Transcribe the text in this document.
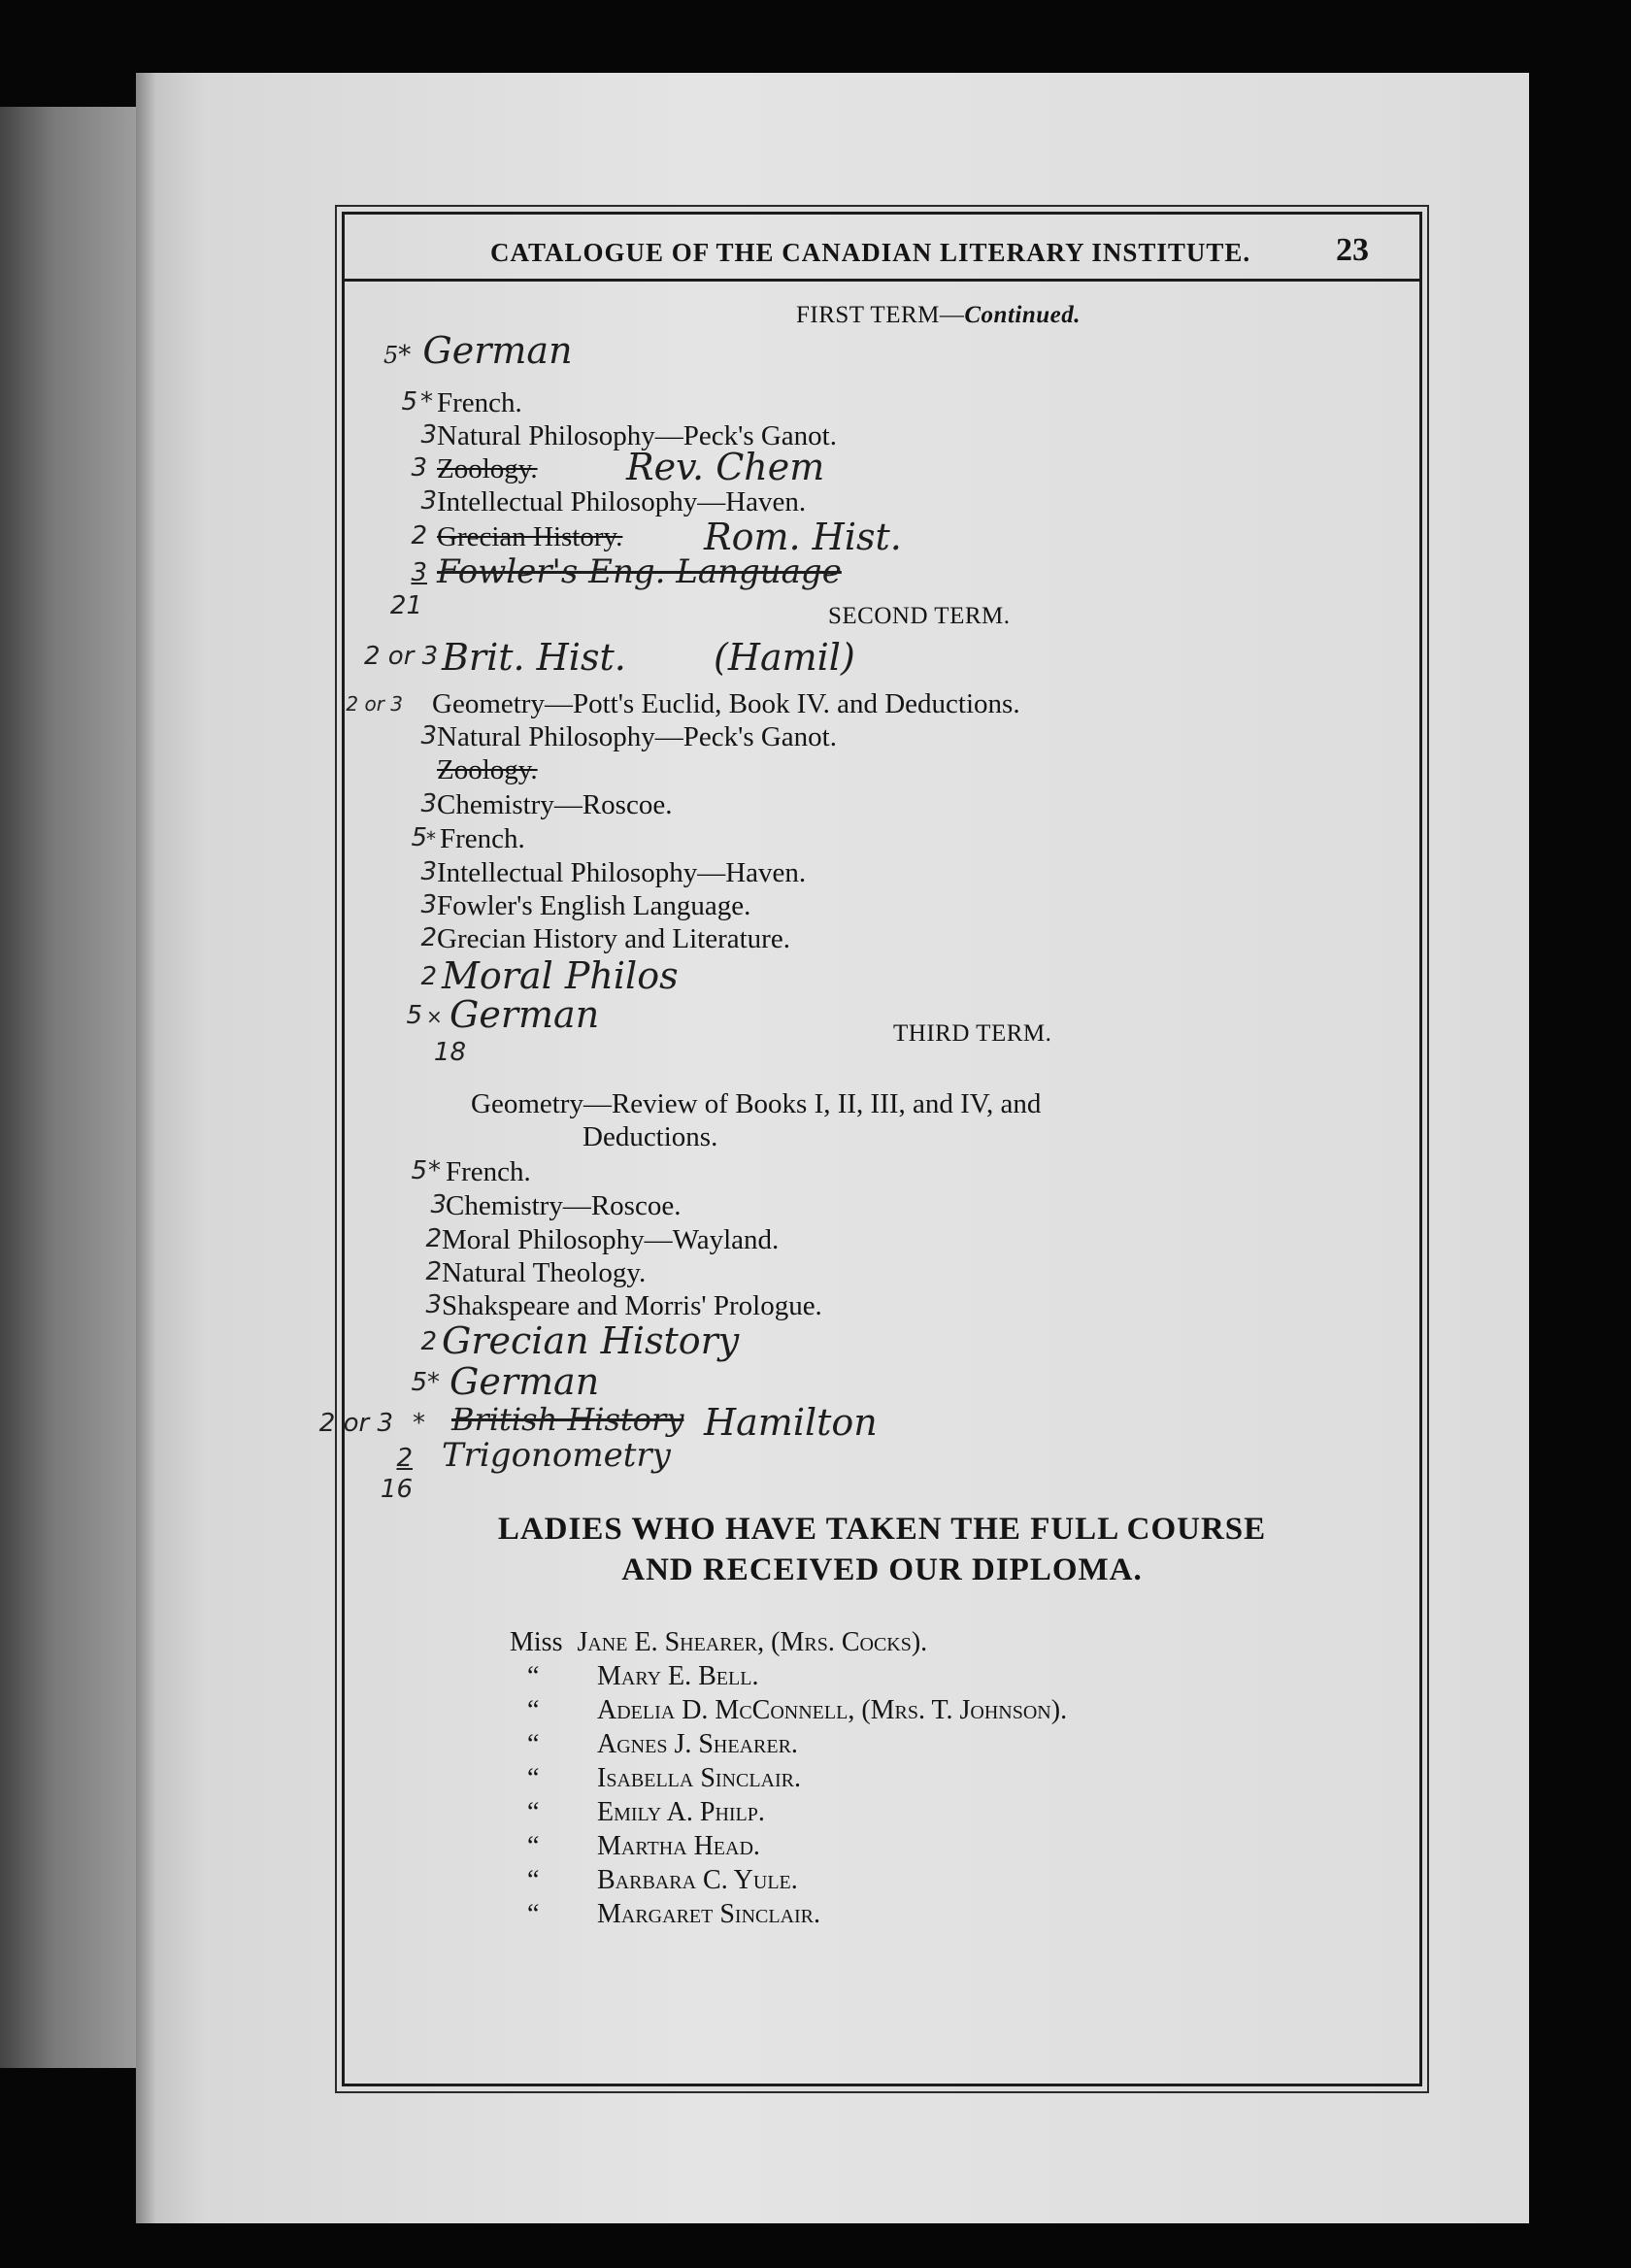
CATALOGUE OF THE CANADIAN LITERARY INSTITUTE.	23
FIRST TERM—Continued.
5* German
5 * French.
3 Natural Philosophy—Peck's Ganot.
3 Zoology. Rev. Chem
3 Intellectual Philosophy—Haven.
2 Grecian History. Rom. Hist.
3 Fowler's Eng. Language
21	SECOND TERM.
2 or 3 Brit. Hist. (Hamil)
2 or 3 Geometry—Pott's Euclid, Book IV. and Deductions.
3 Natural Philosophy—Peck's Ganot.
Zoology.
3 Chemistry—Roscoe.
5 * French.
3 Intellectual Philosophy—Haven.
3 Fowler's English Language.
2 Grecian History and Literature.
2 Moral Philos
5 × German
18
THIRD TERM.
Geometry—Review of Books I, II, III, and IV, and
Deductions.
5 * French.
3 Chemistry—Roscoe.
2 Moral Philosophy—Wayland.
2 Natural Theology.
3 Shakspeare and Morris' Prologue.
2 Grecian History
5 * German
2 or 3 * British History Hamilton
2 Trigonometry
16
LADIES WHO HAVE TAKEN THE FULL COURSE
AND RECEIVED OUR DIPLOMA.
Miss Jane E. Shearer, (Mrs. Cocks).
“ Mary E. Bell.
“ Adelia D. McConnell, (Mrs. T. Johnson).
“ Agnes J. Shearer.
“ Isabella Sinclair.
“ Emily A. Philp.
“ Martha Head.
“ Barbara C. Yule.
“ Margaret Sinclair.
